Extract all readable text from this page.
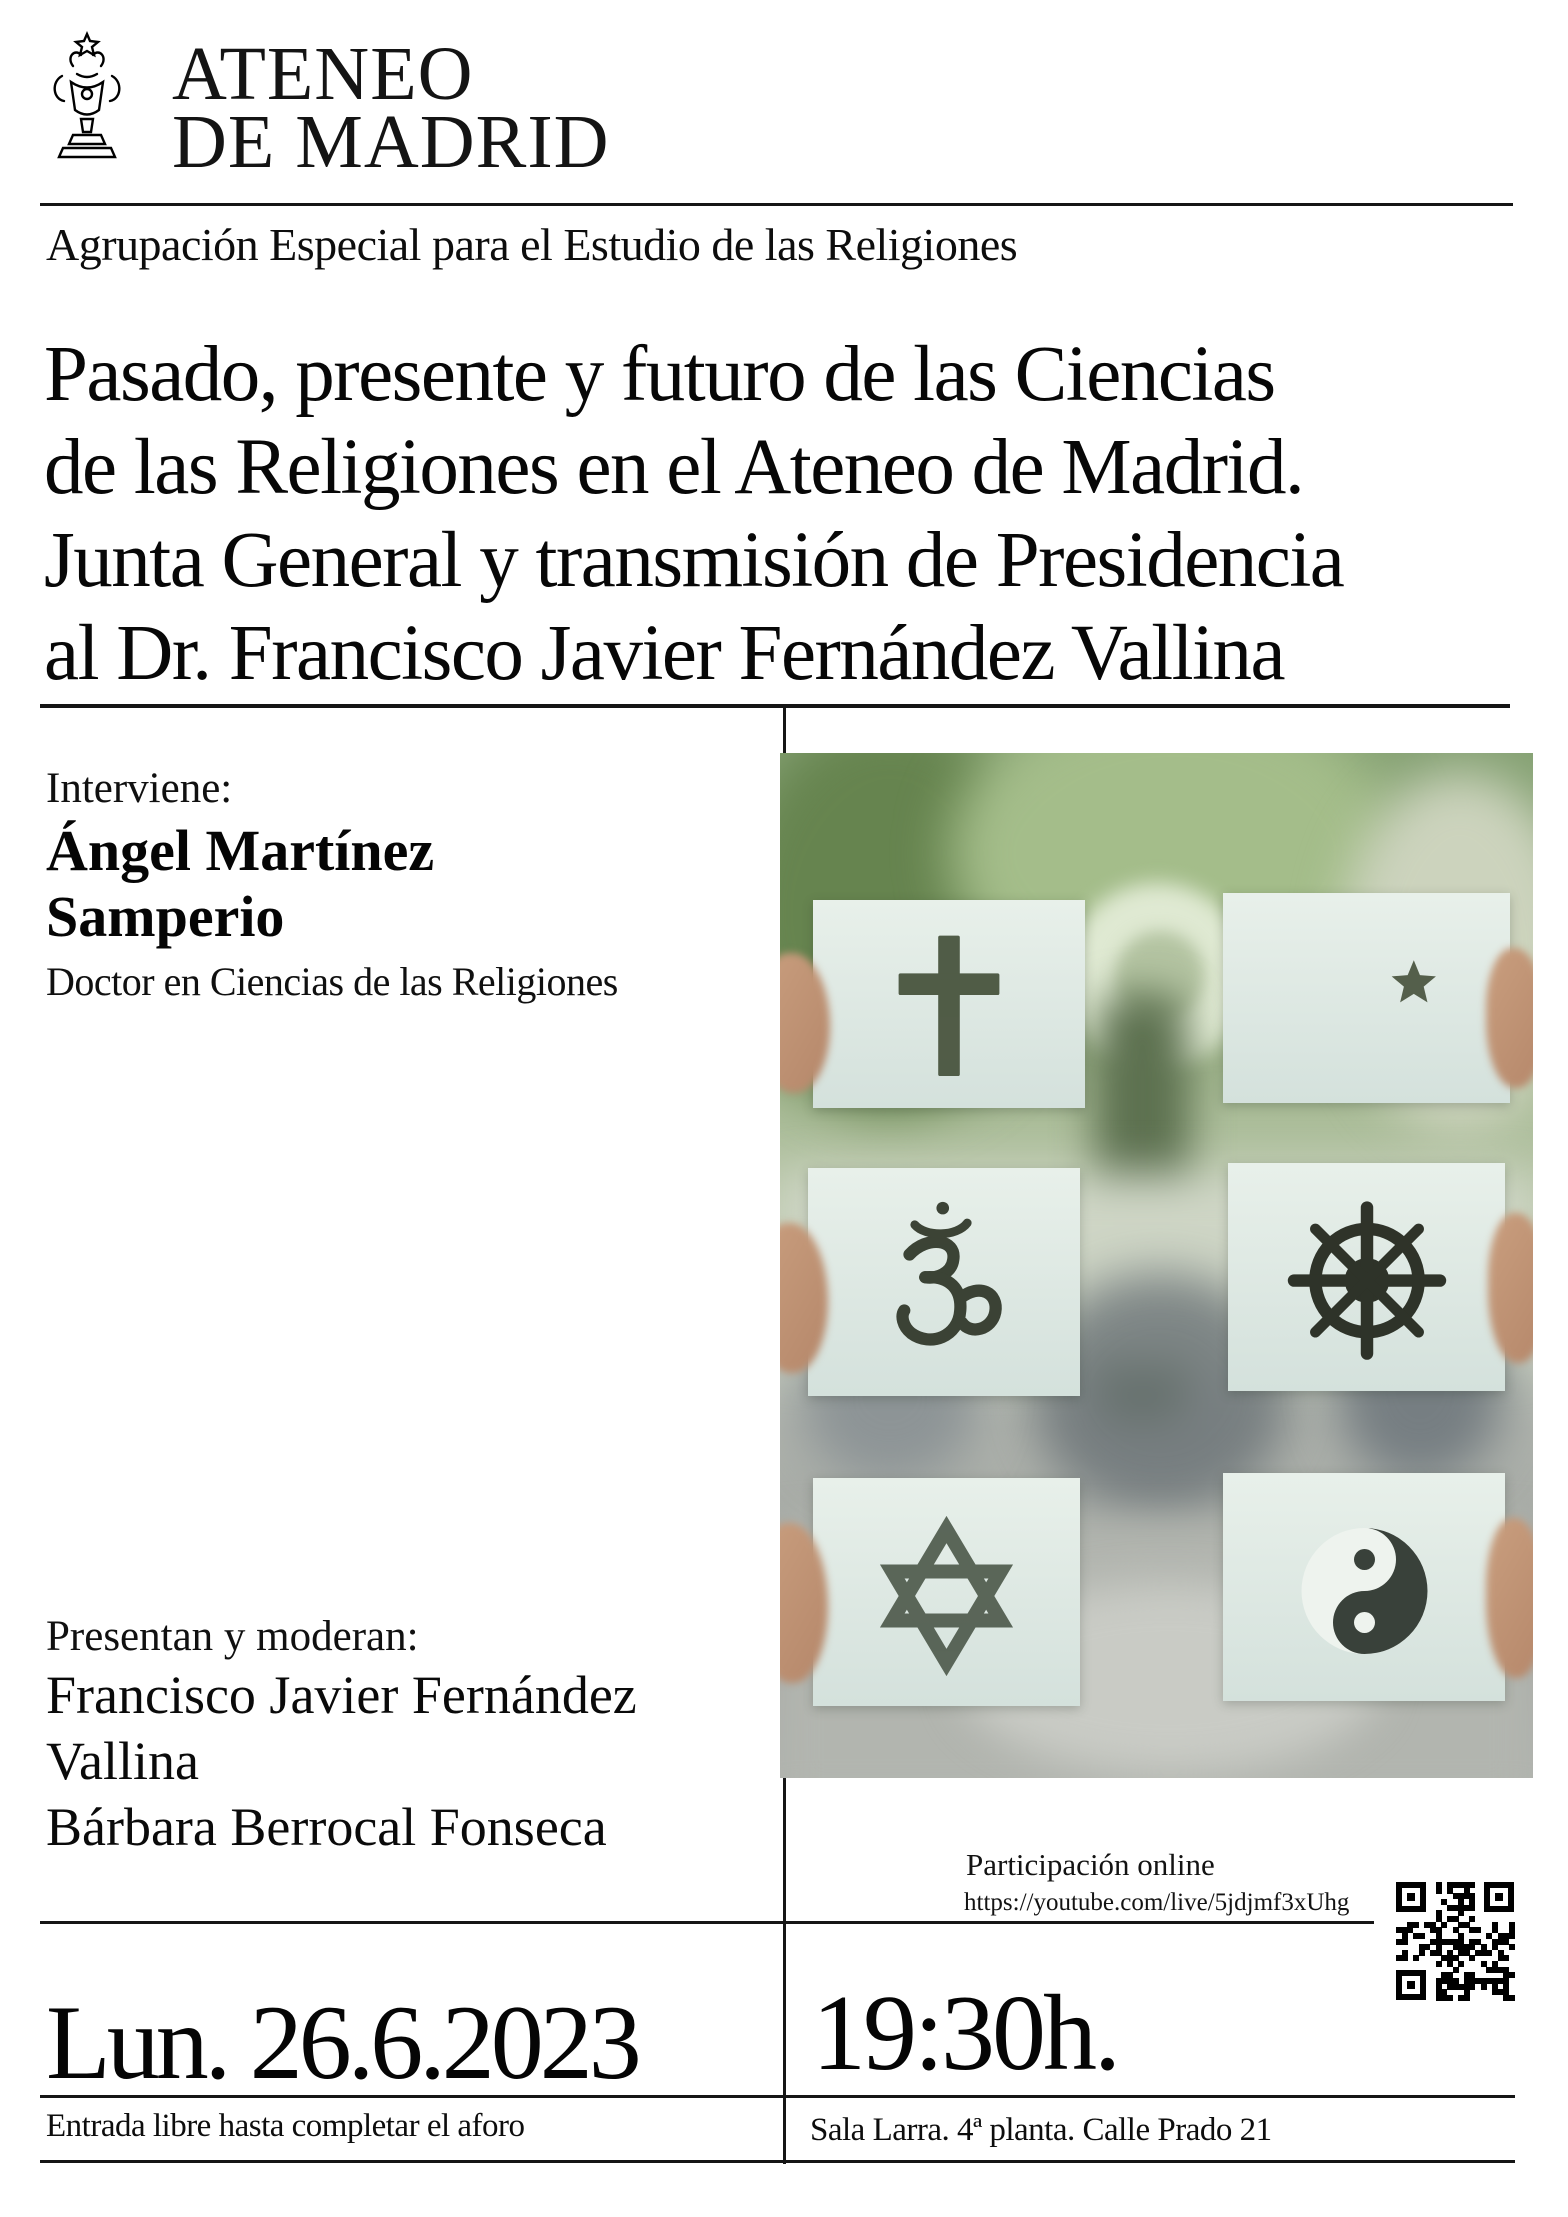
ATENEO
DE MADRID
Agrupación Especial para el Estudio de las Religiones
Pasado, presente y futuro de las Ciencias
de las Religiones en el Ateneo de Madrid.
Junta General y transmisión de Presidencia
al Dr. Francisco Javier Fernández Vallina
Interviene:
Ángel Martínez
Samperio
Doctor en Ciencias de las Religiones
Presentan y moderan:
Francisco Javier Fernández
Vallina
Bárbara Berrocal Fonseca
Participación online
https://youtube.com/live/5jdjmf3xUhg
Lun. 26.6.2023 19:30h.
Entrada libre hasta completar el aforo	Sala Larra. 4ª planta. Calle Prado 21
